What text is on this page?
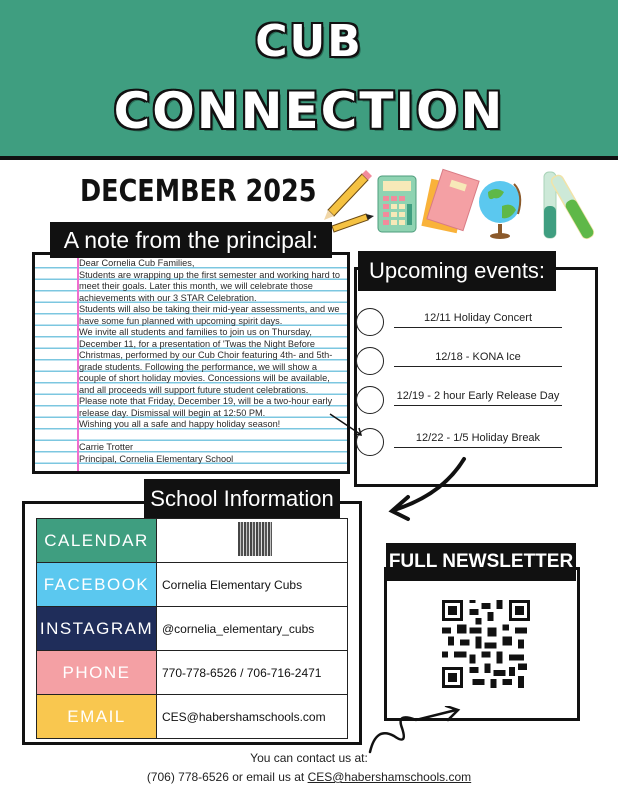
CUB
CONNECTION
DECEMBER 2025

Dear Cornelia Cub Families,

Students are wrapping up the first semester and working hard to meet their goals. Later this month, we will celebrate those achievements with our 3 STAR Celebration.

Students will also be taking their mid-year assessments, and we have some fun planned with upcoming spirit days.

We invite all students and families to join us on Thursday, December 11, for a presentation of 'Twas the Night Before Christmas, performed by our Cub Choir featuring 4th- and 5th-grade students. Following the performance, we will show a couple of short holiday movies. Concessions will be available, and all proceeds will support future student celebrations.

Please note that Friday, December 19, will be a two-hour early release day. Dismissal will begin at 12:50 PM.

Wishing you all a safe and happy holiday season!

Carrie Trotter

Principal, Cornelia Elementary School

A note from the principal:
Upcoming events:
12/11 Holiday Concert
12/18 - KONA Ice
12/19 - 2 hour Early Release Day
12/22 - 1/5 Holiday Break
School Information
CALENDAR	
FACEBOOK	Cornelia Elementary Cubs
INSTAGRAM	@cornelia_elementary_cubs
PHONE	770-778-6526 / 706-716-2471
EMAIL	CES@habershamschools.com
FULL NEWSLETTER
You can contact us at:
(706) 778-6526 or email us at CES@habershamschools.com
